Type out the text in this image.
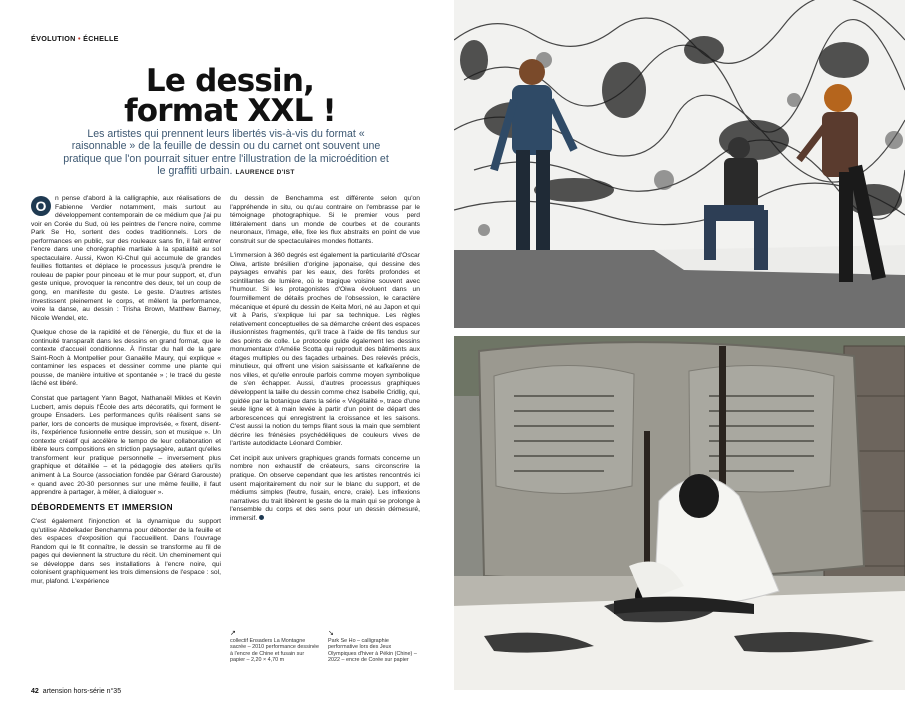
ÉVOLUTION • ÉCHELLE
Le dessin,
format XXL !
Les artistes qui prennent leurs libertés vis-à-vis du format « raisonnable » de la feuille de dessin ou du carnet ont souvent une pratique que l'on pourrait situer entre l'illustration de la microédition et le graffiti urbain. LAURENCE D'IST

O	n pense d'abord à la calligraphie, aux réalisations de Fabienne Verdier notamment, mais surtout au développement contemporain de ce médium que j'ai pu voir en Corée du Sud, où les peintres de l'encre noire, comme Park Se Ho, sortent des codes traditionnels. Lors de performances en public, sur des rouleaux sans fin, il fait entrer l'encre dans une chorégraphie martiale à la spatialité au sol spectaculaire. Aussi, Kwon Ki-Chul qui accumule de grandes feuilles flottantes et déplace le processus jusqu'à prendre le rouleau de papier pour pinceau et le mur pour support, et, d'un geste unique, provoquer la rencontre des deux, tel un coup de gong, en manifeste du geste. Le geste. D'autres artistes investissent pleinement le corps, et mêlent la performance, voire la danse, au dessin : Trisha Brown, Matthew Barney, Nicole Wendel, etc.

Quelque chose de la rapidité et de l'énergie, du flux et de la continuité transparaît dans les dessins en grand format, que le contexte d'accueil conditionne. À l'instar du hall de la gare Saint-Roch à Montpellier pour Ganaëlle Maury, qui explique « contaminer les espaces et dessiner comme une plante qui pousse, de manière intuitive et spontanée » ; le tracé du geste lâché est libéré.

Constat que partagent Yann Bagot, Nathanaël Mikles et Kevin Lucbert, amis depuis l'École des arts décoratifs, qui forment le groupe Ensaders. Les performances qu'ils réalisent sans se parler, lors de concerts de musique improvisée, « fixent, disent-ils, l'expérience fusionnelle entre dessin, son et musique ». Un contexte créatif qui accélère le tempo de leur collaboration et libère leurs compositions en striction paysagère, autant qu'elles transforment leur pratique personnelle – inversement plus graphique et détaillée – et la pédagogie des ateliers qu'ils animent à La Source (association fondée par Gérard Garouste) « quand avec 20-30 personnes sur une même feuille, il faut apprendre à partager, à mêler, à dialoguer ».

DÉBORDEMENTS ET IMMERSION

C'est également l'injonction et la dynamique du support qu'utilise Abdelkader Benchamma pour déborder de la feuille et des espaces d'exposition qui l'accueillent. Dans l'ouvrage Random qui le fit connaître, le dessin se transforme au fil de pages qui deviennent la structure du récit. Un cheminement qui se développe dans ses installations à l'encre noire, qui colonisent graphiquement les trois dimensions de l'espace : sol, mur, plafond. L'expérience

du dessin de Benchamma est différente selon qu'on l'appréhende in situ, ou qu'au contraire on l'embrasse par le témoignage photographique. Si le premier vous perd littéralement dans un monde de courbes et de courants neuronaux, l'image, elle, fixe les flux abstraits en point de vue construit sur de spectaculaires mondes flottants.

L'immersion à 360 degrés est également la particularité d'Oscar Oiwa, artiste brésilien d'origine japonaise, qui dessine des paysages envahis par les eaux, des forêts profondes et scintillantes de lumière, où le tragique voisine souvent avec l'humour. Si les protagonistes d'Oiwa évoluent dans un fourmillement de détails proches de l'obsession, le caractère mécanique et épuré du dessin de Keita Mori, né au Japon et qui vit à Paris, s'explique lui par sa technique. Les règles relativement conceptuelles de sa démarche créent des espaces illusionnistes fragmentés, qu'il trace à l'aide de fils tendus sur des points de colle. Le protocole guide également les dessins monumentaux d'Amélie Scotta qui reproduit des bâtiments aux étages multiples ou des façades urbaines. Des relevés précis, minutieux, qui offrent une vision saisissante et kafkaïenne de nos villes, et qu'elle enroule parfois comme moyen symbolique de s'en échapper. Aussi, d'autres processus graphiques développent la taille du dessin comme chez Isabelle Cridlig, qui, guidée par la botanique dans la série « Végétalité », trace d'une seule ligne et à main levée à partir d'un point de départ des arborescences qui enregistrent la croissance et les saisons. C'est aussi la notion du temps filant sous la main que semblent décrire les frénésies psychédéliques de couleurs vives de l'artiste autodidacte Léonard Combier.

Cet incipit aux univers graphiques grands formats concerne un nombre non exhaustif de créateurs, sans circonscrire la pratique. On observe cependant que les artistes rencontrés ici usent majoritairement du noir sur le blanc du support, et de médiums simples (feutre, fusain, encre, craie). Les inflexions narratives du trait libèrent le geste de la main qui se prolonge à l'ensemble du corps et des sens pour un dessin démesuré, immersif.

↗
collectif Ensaders La Montagne sacrée – 2010 performance dessinée à l'encre de Chine et fusain sur papier – 2,20 × 4,70 m
↘
Park Se Ho – calligraphie performative lors des Jeux Olympiques d'hiver à Pékin (Chine) – 2022 – encre de Corée sur papier
42 artension hors-série n°35
